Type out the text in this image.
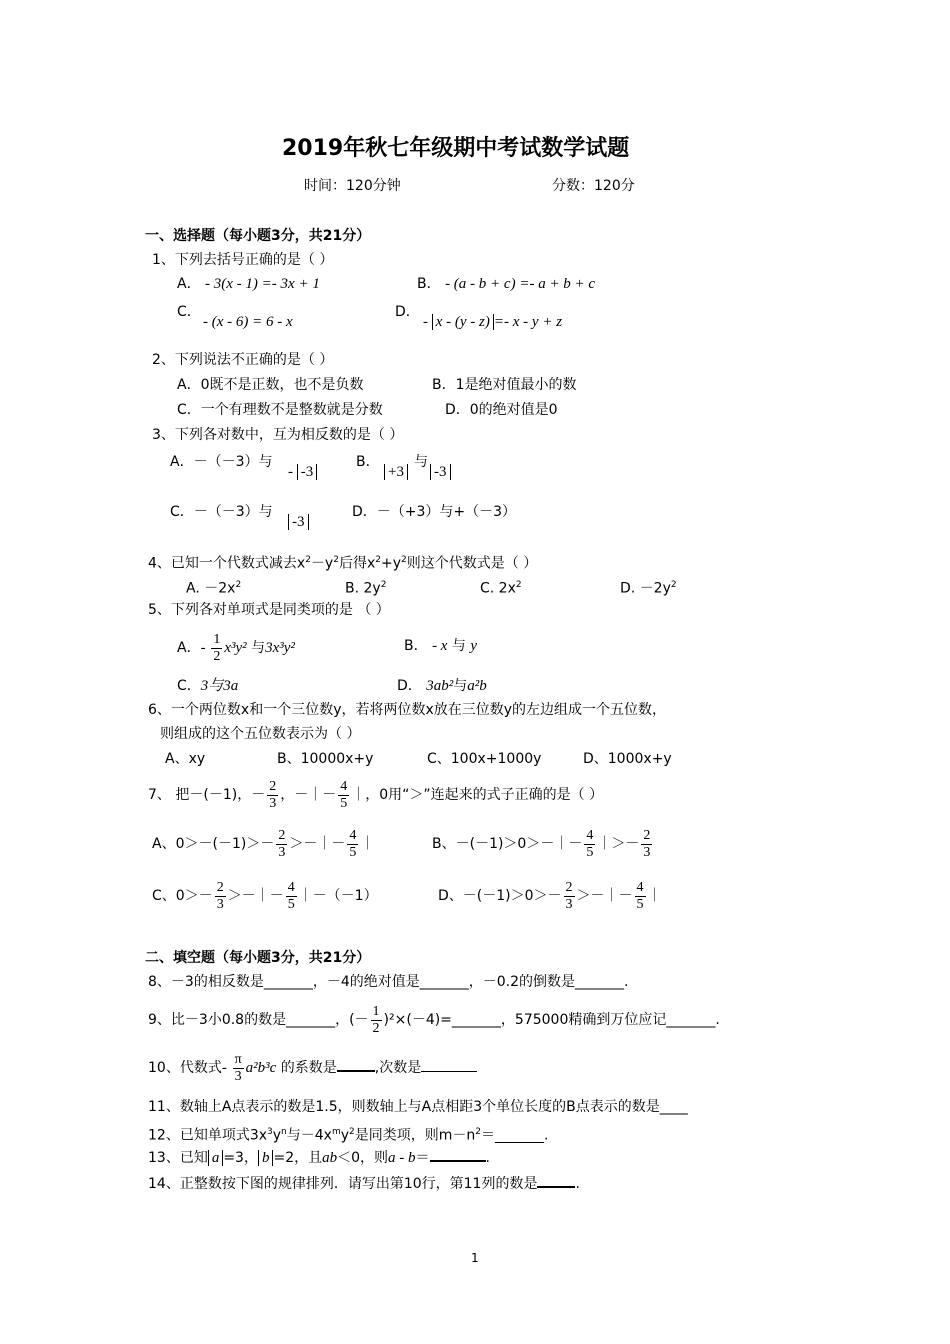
2019年秋七年级期中考试数学试题
时间：120分钟	分数：120分
一、选择题（每小题3分，共21分）
1、下列去括号正确的是（ ）
A． - 3(x - 1) =- 3x + 1	B． - (a - b + c) =- a + b + c
C．
- (x - 6) = 6 - x
D．
- x - (y - z) =- x - y + z
2、下列说法不正确的是（ ）
A．0既不是正数，也不是负数	B．1是绝对值最小的数
C．一个有理数不是整数就是分数	D．0的绝对值是0
3、下列各对数中，互为相反数的是（ ）
A．－（－3）与
- -3
B．
+3
与
-3
C．－（－3）与
-3
D．－（+3）与+（－3）
4、已知一个代数式减去$x^2-y^2$后得$x^2+y^2$则这个代数式是（ ）
A. $-2x^2$	B. $2y^2$	C. $2x^2$	D. $-2y^2$
5、下列各对单项式是同类项的是 （ ）
A．- $\frac{1}{2} x^3y^2$ 与3x³y²	B． - x 与 y
C．3与3a	D． 3ab²与a²b
6、一个两位数x和一个三位数y，若将两位数x放在三位数y的左边组成一个五位数，
则组成的这个五位数表示为（ ）
A、xy	B、10000x+y	C、100x+1000y	D、1000x+y
7、 把－(－1)，－ $\frac{2}{3}$ ，－｜－ $\frac{4}{5}$ ｜，0用“＞”连起来的式子正确的是（ ）
A、$0>-(-1)>- \frac{2}{3}$ ＞－｜－ $\frac{4}{5}$ ｜	B、－(－1)＞0＞－｜－ $\frac{4}{5}$ ｜＞－ $\frac{2}{3}$
C、$0>- \frac{2}{3}$ ＞－｜－ $\frac{4}{5}$ ｜－（－1）	D、$-(-1)>0>- \frac{2}{3}$ ＞－｜－ $\frac{4}{5}$ ｜
二、填空题（每小题3分，共21分）
8、－3的相反数是_______，－4的绝对值是_______，－0.2的倒数是_______.
9、比－3小0.8的数是_______，(－ $\frac{1}{2}$ )²×(－4)=_______，575000精确到万位应记_______.
10、代数式- $\frac{\pi}{3} a^2b^3c$ 的系数是	,次数是
11、数轴上A点表示的数是1.5，则数轴上与A点相距3个单位长度的B点表示的数是____
12、已知单项式$3x^3y^n$与$-4x^my^2$是同类项，则$m-n^2=\_\_\_\_\_\_\_$.
13、已知 a =3， b =2，且ab＜0，则a - b＝	.
14、正整数按下图的规律排列．请写出第10行，第11列的数是	.
1
